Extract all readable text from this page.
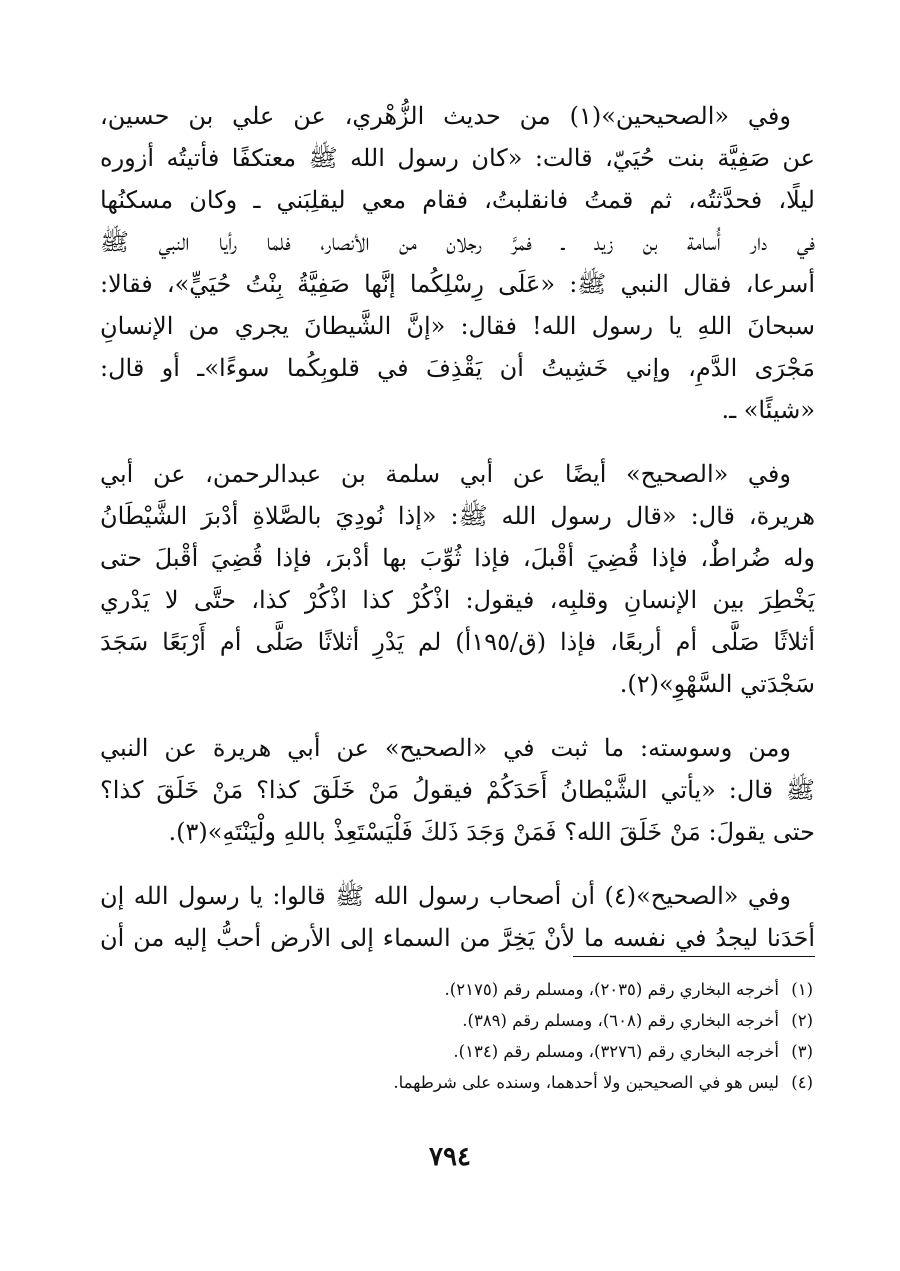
وفي «الصحيحين»(١) من حديث الزُّهْري، عن علي بن حسين،
عن صَفِيَّة بنت حُيَيّ، قالت: «كان رسول الله ﷺ معتكفًا فأتيتُه أزوره
ليلًا، فحدَّثتُه، ثم قمتُ فانقلبتُ، فقام معي ليقلِبَني ـ وكان مسكنُها
في دار أُسامة بن زيد ـ فمرَّ رجلان من الأنصار، فلما رأيا النبي ﷺ
أسرعا، فقال النبي ﷺ: «عَلَى رِسْلِكُما إنَّها صَفِيَّةُ بِنْتُ حُيَيٍّ»، فقالا:
سبحانَ اللهِ يا رسول الله! فقال: «إنَّ الشَّيطانَ يجري من الإنسانِ
مَجْرَى الدَّمِ، وإني خَشِيتُ أن يَقْذِفَ في قلوبِكُما سوءًا»ـ أو قال:
«شيئًا» ـ.
وفي «الصحيح» أيضًا عن أبي سلمة بن عبدالرحمن، عن أبي
هريرة، قال: «قال رسول الله ﷺ: «إذا نُودِيَ بالصَّلاةِ أدْبرَ الشَّيْطَانُ
وله ضُراطٌ، فإذا قُضِيَ أقْبلَ، فإذا ثُوِّبَ بها أدْبرَ، فإذا قُضِيَ أقْبلَ حتى
يَخْطِرَ بين الإنسانِ وقلبِه، فيقول: اذْكُرْ كذا اذْكُرْ كذا، حتَّى لا يَدْري
أثلاثًا صَلَّى أم أربعًا، فإذا (ق/١٩٥أ) لم يَدْرِ أثلاثًا صَلَّى أم أَرْبَعًا سَجَدَ
سَجْدَتي السَّهْوِ»(٢).
ومن وسوسته: ما ثبت في «الصحيح» عن أبي هريرة عن النبي
ﷺ قال: «يأتي الشَّيْطانُ أَحَدَكُمْ فيقولُ مَنْ خَلَقَ كذا؟ مَنْ خَلَقَ كذا؟
حتى يقولَ: مَنْ خَلَقَ الله؟ فَمَنْ وَجَدَ ذَلكَ فَلْيَسْتَعِذْ باللهِ ولْيَنْتَهِ»(٣).
وفي «الصحيح»(٤) أن أصحاب رسول الله ﷺ قالوا: يا رسول الله إن
أحَدَنا ليجدُ في نفسه ما لأنْ يَخِرَّ من السماء إلى الأرض أحبُّ إليه من أن
(١)أخرجه البخاري رقم (٢٠٣٥)، ومسلم رقم (٢١٧٥).
(٢)أخرجه البخاري رقم (٦٠٨)، ومسلم رقم (٣٨٩).
(٣)أخرجه البخاري رقم (٣٢٧٦)، ومسلم رقم (١٣٤).
(٤)ليس هو في الصحيحين ولا أحدهما، وسنده على شرطهما.
٧٩٤
